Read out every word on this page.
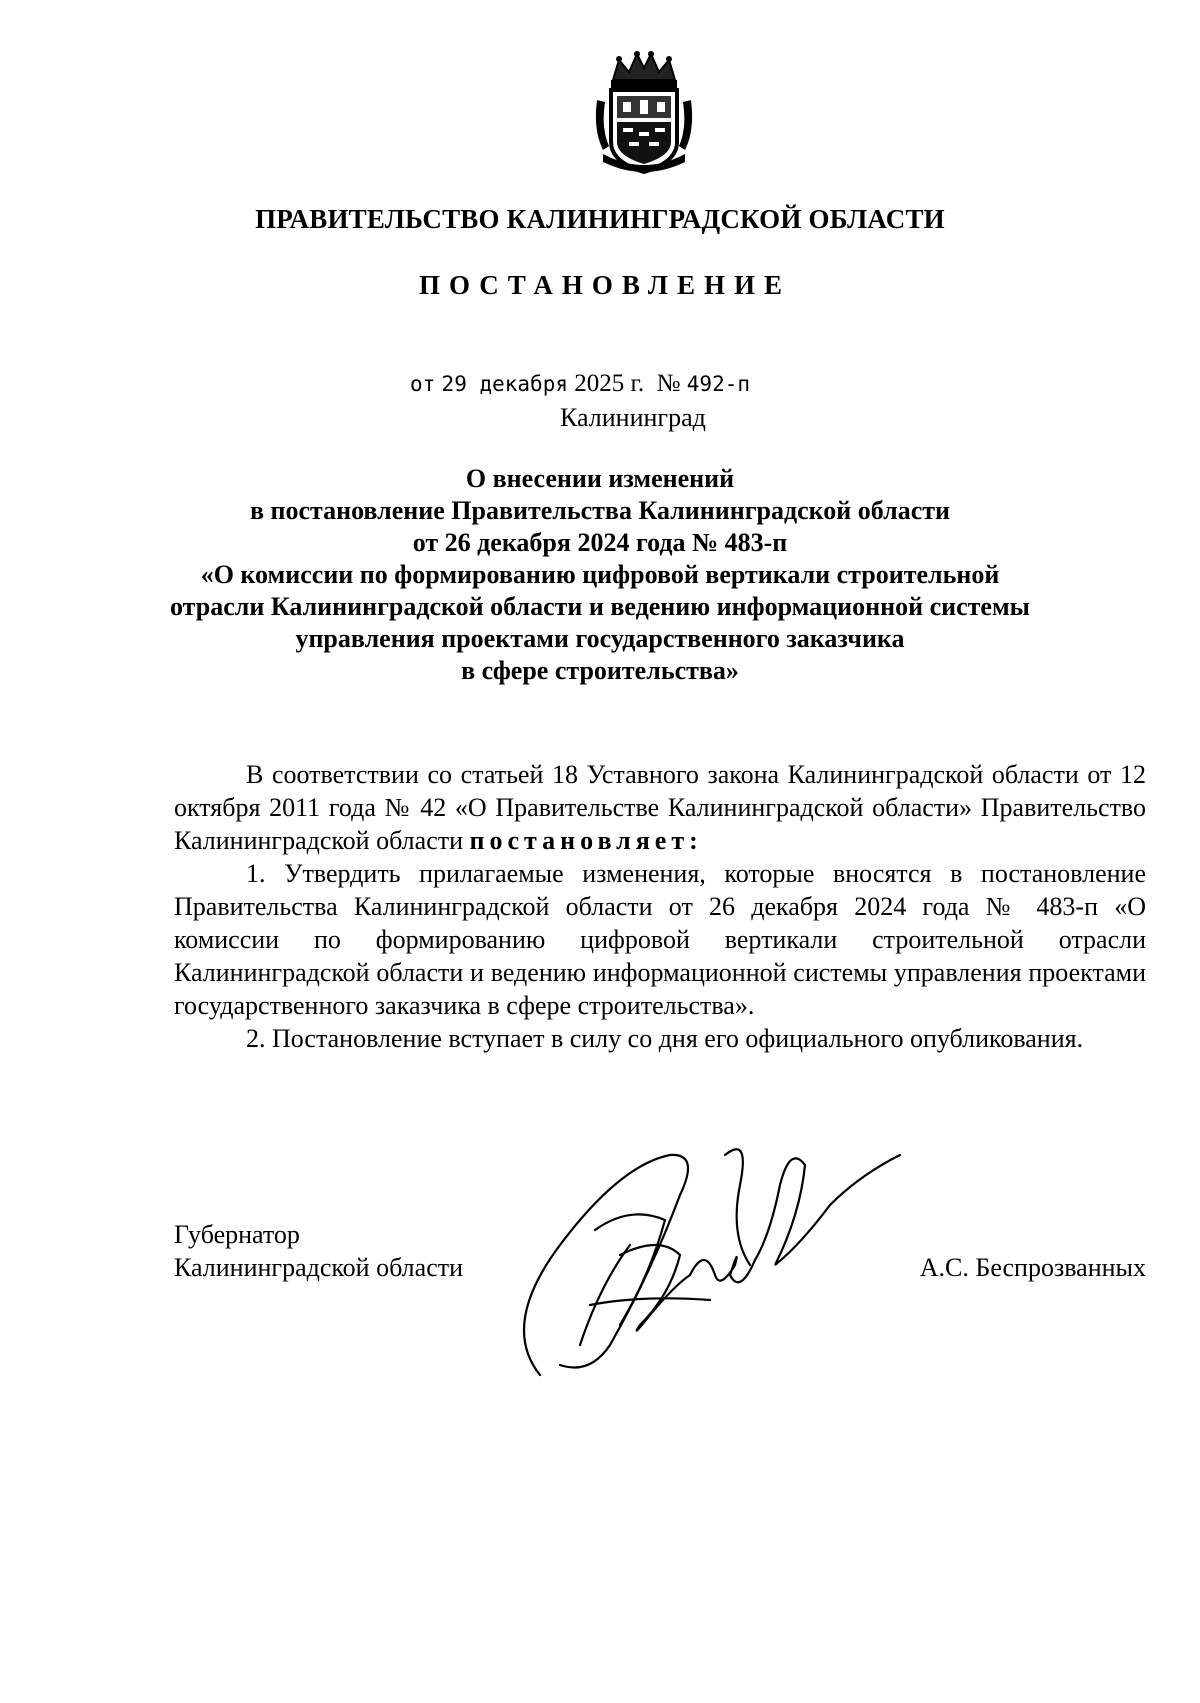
ПРАВИТЕЛЬСТВО КАЛИНИНГРАДСКОЙ ОБЛАСТИ
ПОСТАНОВЛЕНИЕ
от 29 декабря 2025 г. № 492-п
Калининград
О внесении изменений
в постановление Правительства Калининградской области
от 26 декабря 2024 года № 483-п
«О комиссии по формированию цифровой вертикали строительной
отрасли Калининградской области и ведению информационной системы
управления проектами государственного заказчика
в сфере строительства»

В соответствии со статьей 18 Уставного закона Калининградской области от 12 октября 2011 года № 42 «О Правительстве Калининградской области» Правительство Калининградской области постановляет:

1. Утвердить прилагаемые изменения, которые вносятся в постановление Правительства Калининградской области от 26 декабря 2024 года № 483-п «О комиссии по формированию цифровой вертикали строительной отрасли Калининградской области и ведению информационной системы управления проектами государственного заказчика в сфере строительства».

2. Постановление вступает в силу со дня его официального опубликования.

Губернатор
Калининградской области	А.С. Беспрозванных
